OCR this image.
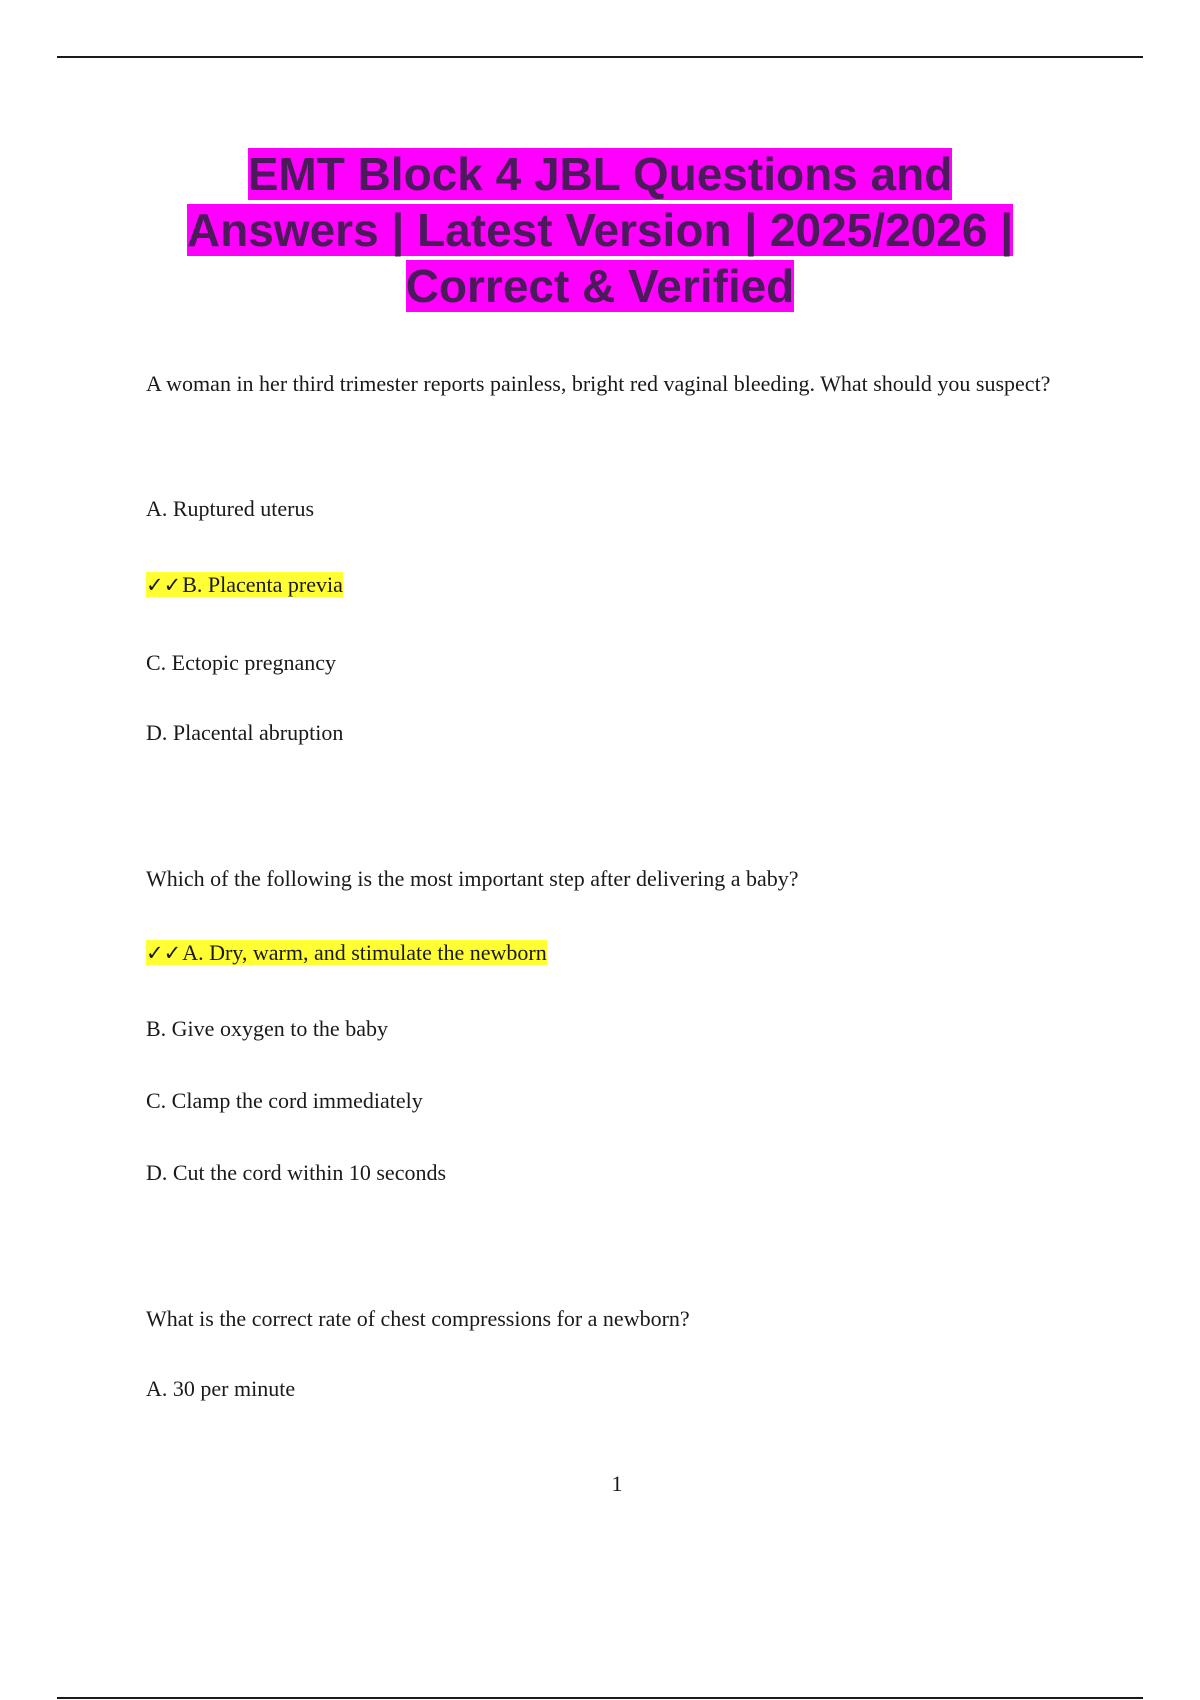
EMT Block 4 JBL Questions and
Answers | Latest Version | 2025/2026 |
Correct & Verified
A woman in her third trimester reports painless, bright red vaginal bleeding. What should you suspect?
A. Ruptured uterus
✓✓B. Placenta previa
C. Ectopic pregnancy
D. Placental abruption
Which of the following is the most important step after delivering a baby?
✓✓A. Dry, warm, and stimulate the newborn
B. Give oxygen to the baby
C. Clamp the cord immediately
D. Cut the cord within 10 seconds
What is the correct rate of chest compressions for a newborn?
A. 30 per minute
1
